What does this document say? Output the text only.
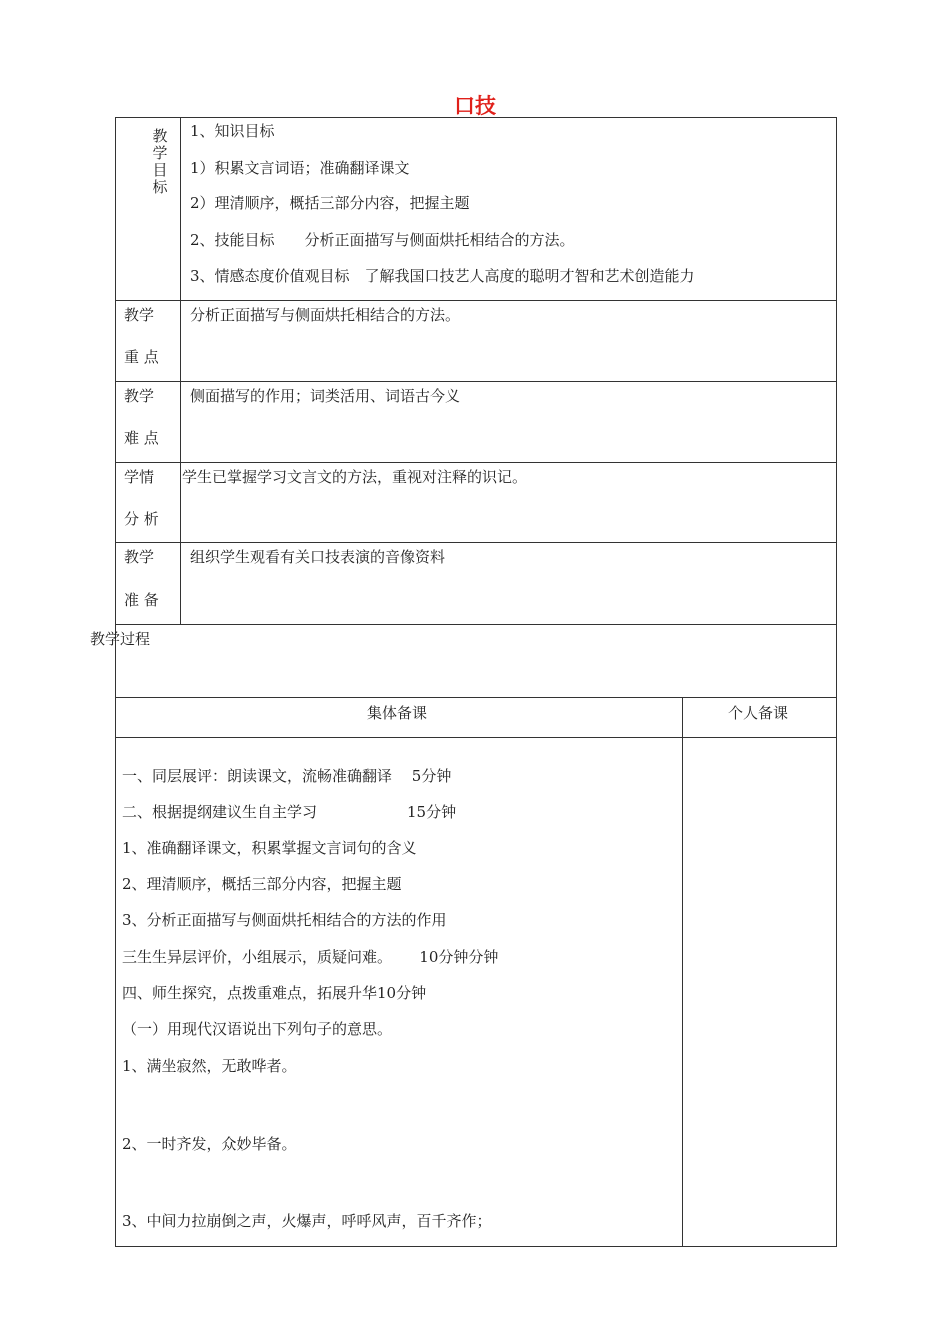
口技
教学目标
1、知识目标
1）积累文言词语；准确翻译课文
2）理清顺序，概括三部分内容，把握主题
2、技能目标　　分析正面描写与侧面烘托相结合的方法。
3、情感态度价值观目标　了解我国口技艺人高度的聪明才智和艺术创造能力
教学
重 点
分析正面描写与侧面烘托相结合的方法。
教学
难 点
侧面描写的作用；词类活用、词语古今义
学情
分 析
学生已掌握学习文言文的方法，重视对注释的识记。
教学
准 备
组织学生观看有关口技表演的音像资料
教学过程
集体备课	个人备课
一、同层展评：朗读课文，流畅准确翻译　 5分钟
二、根据提纲建议生自主学习　　　　　　15分钟
1、准确翻译课文，积累掌握文言词句的含义
2、理清顺序，概括三部分内容，把握主题
3、分析正面描写与侧面烘托相结合的方法的作用
三生生异层评价，小组展示，质疑问难。　　 10分钟分钟
四、师生探究，点拨重难点，拓展升华10分钟
（一）用现代汉语说出下列句子的意思。
1、满坐寂然，无敢哗者。
2、一时齐发，众妙毕备。
3、中间力拉崩倒之声，火爆声，呼呼风声，百千齐作；
